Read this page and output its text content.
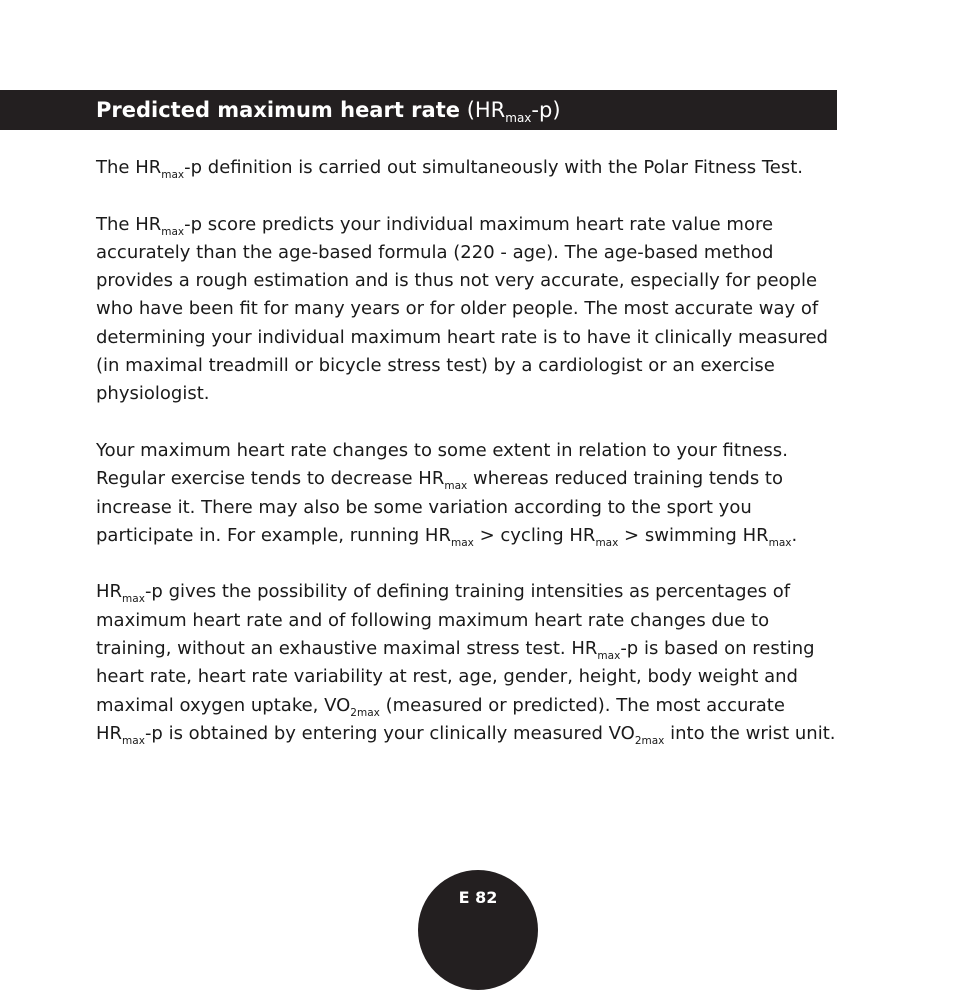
Predicted maximum heart rate $(HR_{max}-p)$

The $HR_{max}-p$ definition is carried out simultaneously with the Polar Fitness Test.

The $HR_{max}-p$ score predicts your individual maximum heart rate value more accurately than the age-based formula (220 - age). The age-based method provides a rough estimation and is thus not very accurate, especially for people who have been fit for many years or for older people. The most accurate way of determining your individual maximum heart rate is to have it clinically measured (in maximal treadmill or bicycle stress test) by a cardiologist or an exercise physiologist.

Your maximum heart rate changes to some extent in relation to your fitness. Regular exercise tends to decrease $HR_{max}$ whereas reduced training tends to increase it. There may also be some variation according to the sport you participate in. For example, running $HR_{max}$ > cycling $HR_{max}$ > swimming $HR_{max}$.

$HR_{max}-p$ gives the possibility of defining training intensities as percentages of maximum heart rate and of following maximum heart rate changes due to training, without an exhaustive maximal stress test. $HR_{max}-p$ is based on resting heart rate, heart rate variability at rest, age, gender, height, body weight and maximal oxygen uptake, $VO_{2max}$ (measured or predicted). The most accurate $HR_{max}-p$ is obtained by entering your clinically measured $VO_{2max}$ into the wrist unit.

E 82
